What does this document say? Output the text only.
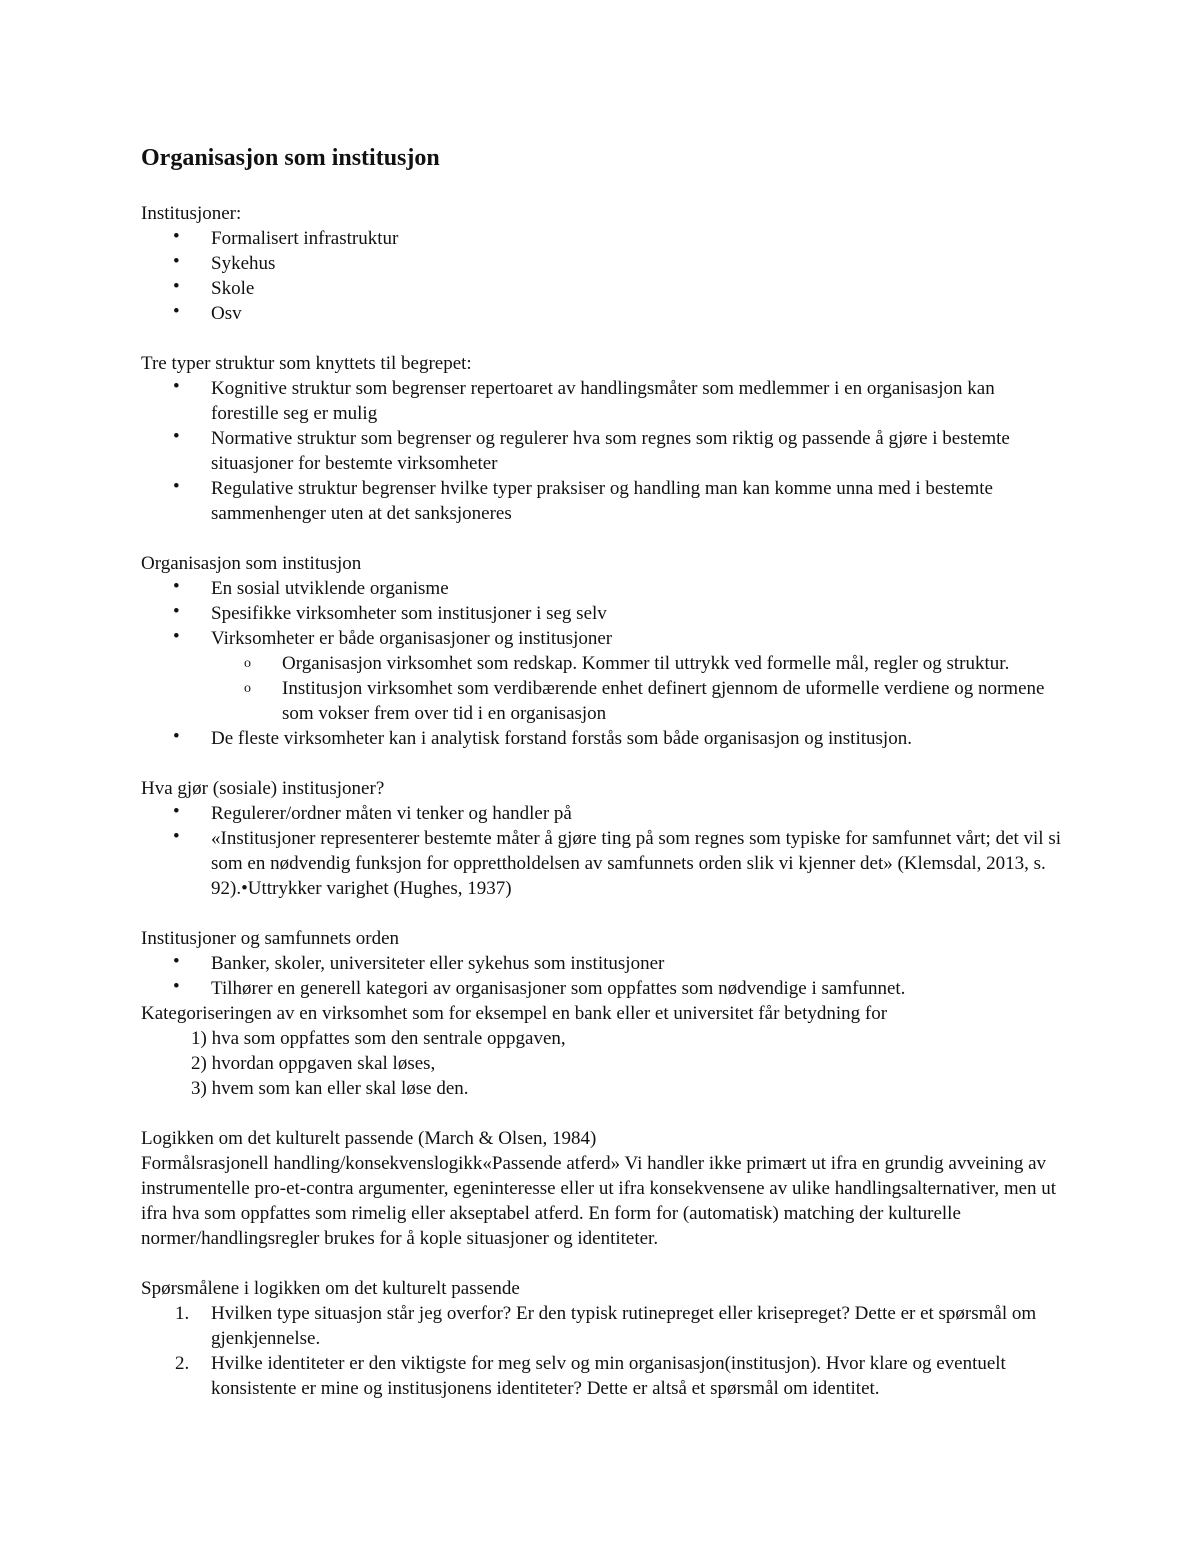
Organisasjon som institusjon

Institusjoner:

• Formalisert infrastruktur
• Sykehus
• Skole
• Osv

Tre typer struktur som knyttets til begrepet:

• Kognitive struktur som begrenser repertoaret av handlingsmåter som medlemmer i en organisasjon kan forestille seg er mulig
• Normative struktur som begrenser og regulerer hva som regnes som riktig og passende å gjøre i bestemte situasjoner for bestemte virksomheter
• Regulative struktur begrenser hvilke typer praksiser og handling man kan komme unna med i bestemte sammenhenger uten at det sanksjoneres

Organisasjon som institusjon

• En sosial utviklende organisme
• Spesifikke virksomheter som institusjoner i seg selv
• Virksomheter er både organisasjoner og institusjoner
o Organisasjon virksomhet som redskap. Kommer til uttrykk ved formelle mål, regler og struktur.
o Institusjon virksomhet som verdibærende enhet definert gjennom de uformelle verdiene og normene som vokser frem over tid i en organisasjon
• De fleste virksomheter kan i analytisk forstand forstås som både organisasjon og institusjon.

Hva gjør (sosiale) institusjoner?

• Regulerer/ordner måten vi tenker og handler på
• «Institusjoner representerer bestemte måter å gjøre ting på som regnes som typiske for samfunnet vårt; det vil si som en nødvendig funksjon for opprettholdelsen av samfunnets orden slik vi kjenner det» (Klemsdal, 2013, s. 92).•Uttrykker varighet (Hughes, 1937)

Institusjoner og samfunnets orden

• Banker, skoler, universiteter eller sykehus som institusjoner
• Tilhører en generell kategori av organisasjoner som oppfattes som nødvendige i samfunnet.

Kategoriseringen av en virksomhet som for eksempel en bank eller et universitet får betydning for

1) hva som oppfattes som den sentrale oppgaven,

2) hvordan oppgaven skal løses,

3) hvem som kan eller skal løse den.

Logikken om det kulturelt passende (March & Olsen, 1984)

Formålsrasjonell handling/konsekvenslogikk«Passende atferd» Vi handler ikke primært ut ifra en grundig avveining av instrumentelle pro-et-contra argumenter, egeninteresse eller ut ifra konsekvensene av ulike handlingsalternativer, men ut ifra hva som oppfattes som rimelig eller akseptabel atferd. En form for (automatisk) matching der kulturelle normer/handlingsregler brukes for å kople situasjoner og identiteter.

Spørsmålene i logikken om det kulturelt passende

1. Hvilken type situasjon står jeg overfor? Er den typisk rutinepreget eller krisepreget? Dette er et spørsmål om gjenkjennelse.
2. Hvilke identiteter er den viktigste for meg selv og min organisasjon(institusjon). Hvor klare og eventuelt konsistente er mine og institusjonens identiteter? Dette er altså et spørsmål om identitet.
